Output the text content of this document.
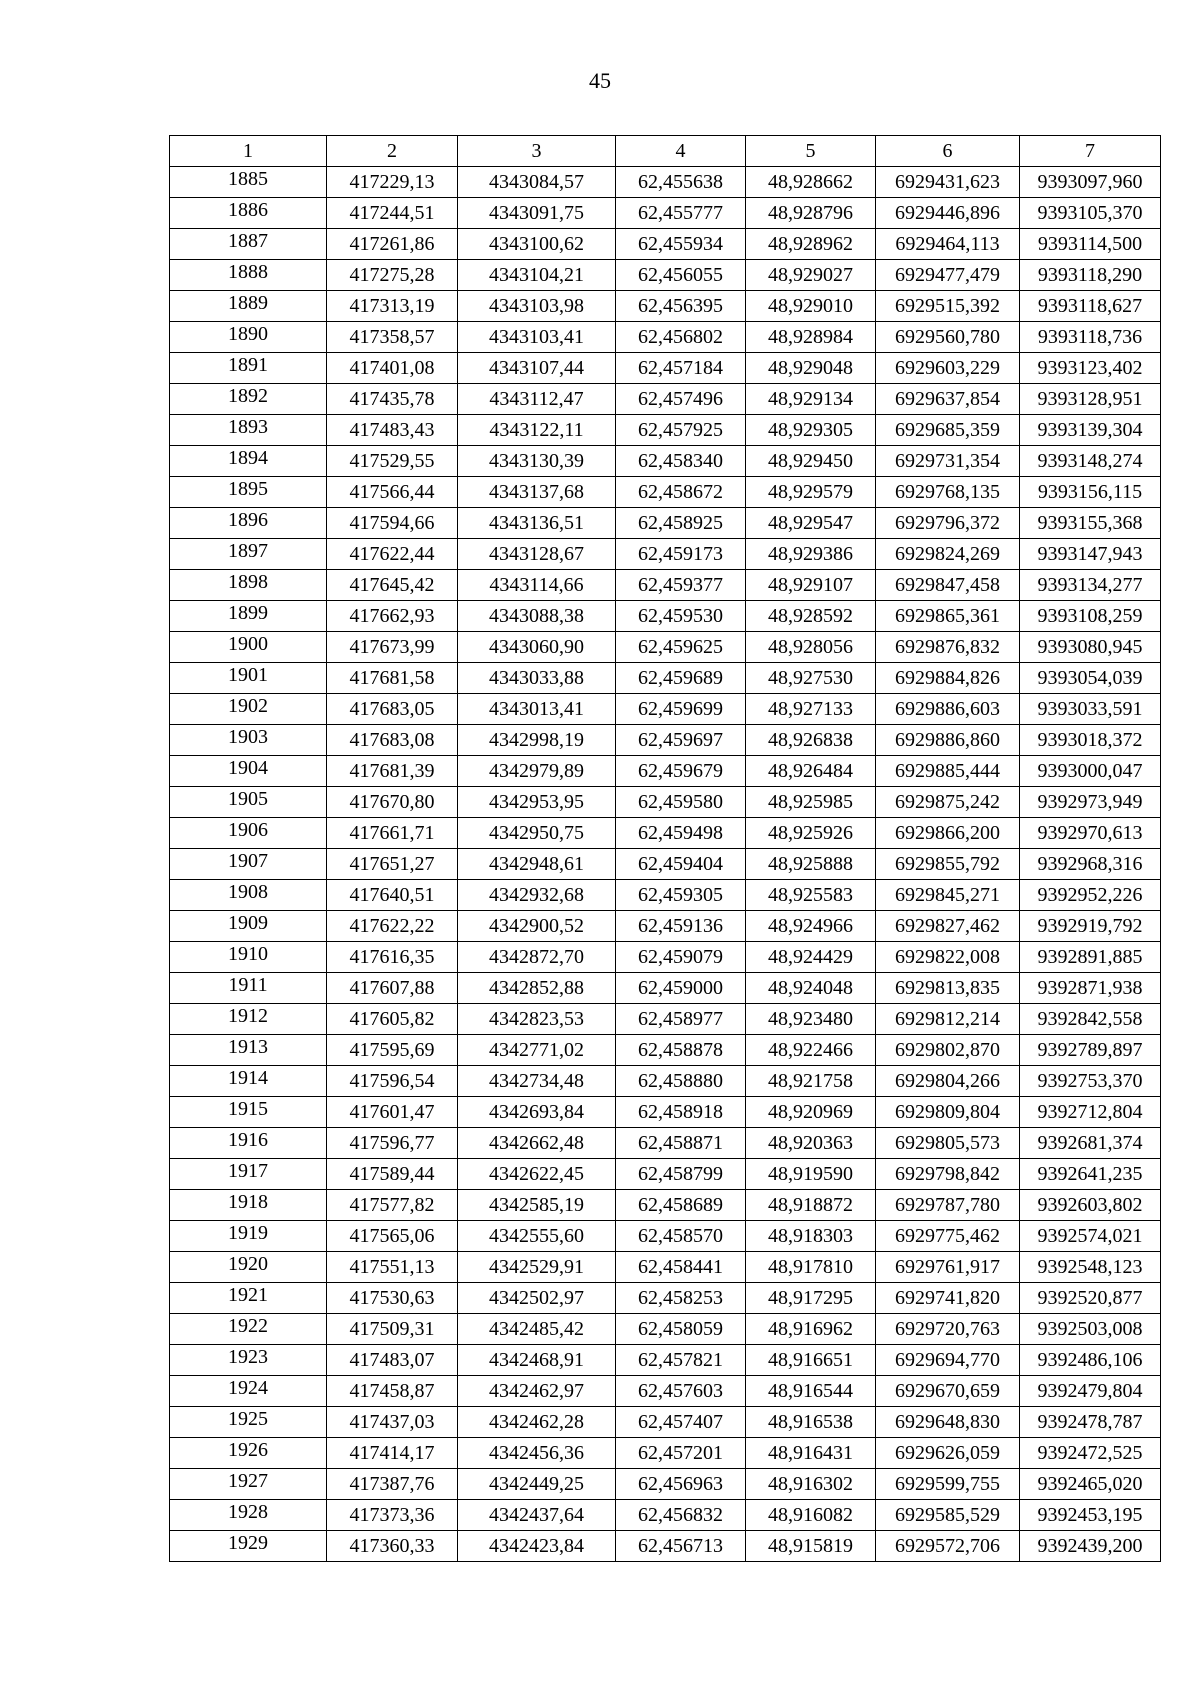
45
1	2	3	4	5	6	7
1885	417229,13	4343084,57	62,455638	48,928662	6929431,623	9393097,960
1886	417244,51	4343091,75	62,455777	48,928796	6929446,896	9393105,370
1887	417261,86	4343100,62	62,455934	48,928962	6929464,113	9393114,500
1888	417275,28	4343104,21	62,456055	48,929027	6929477,479	9393118,290
1889	417313,19	4343103,98	62,456395	48,929010	6929515,392	9393118,627
1890	417358,57	4343103,41	62,456802	48,928984	6929560,780	9393118,736
1891	417401,08	4343107,44	62,457184	48,929048	6929603,229	9393123,402
1892	417435,78	4343112,47	62,457496	48,929134	6929637,854	9393128,951
1893	417483,43	4343122,11	62,457925	48,929305	6929685,359	9393139,304
1894	417529,55	4343130,39	62,458340	48,929450	6929731,354	9393148,274
1895	417566,44	4343137,68	62,458672	48,929579	6929768,135	9393156,115
1896	417594,66	4343136,51	62,458925	48,929547	6929796,372	9393155,368
1897	417622,44	4343128,67	62,459173	48,929386	6929824,269	9393147,943
1898	417645,42	4343114,66	62,459377	48,929107	6929847,458	9393134,277
1899	417662,93	4343088,38	62,459530	48,928592	6929865,361	9393108,259
1900	417673,99	4343060,90	62,459625	48,928056	6929876,832	9393080,945
1901	417681,58	4343033,88	62,459689	48,927530	6929884,826	9393054,039
1902	417683,05	4343013,41	62,459699	48,927133	6929886,603	9393033,591
1903	417683,08	4342998,19	62,459697	48,926838	6929886,860	9393018,372
1904	417681,39	4342979,89	62,459679	48,926484	6929885,444	9393000,047
1905	417670,80	4342953,95	62,459580	48,925985	6929875,242	9392973,949
1906	417661,71	4342950,75	62,459498	48,925926	6929866,200	9392970,613
1907	417651,27	4342948,61	62,459404	48,925888	6929855,792	9392968,316
1908	417640,51	4342932,68	62,459305	48,925583	6929845,271	9392952,226
1909	417622,22	4342900,52	62,459136	48,924966	6929827,462	9392919,792
1910	417616,35	4342872,70	62,459079	48,924429	6929822,008	9392891,885
1911	417607,88	4342852,88	62,459000	48,924048	6929813,835	9392871,938
1912	417605,82	4342823,53	62,458977	48,923480	6929812,214	9392842,558
1913	417595,69	4342771,02	62,458878	48,922466	6929802,870	9392789,897
1914	417596,54	4342734,48	62,458880	48,921758	6929804,266	9392753,370
1915	417601,47	4342693,84	62,458918	48,920969	6929809,804	9392712,804
1916	417596,77	4342662,48	62,458871	48,920363	6929805,573	9392681,374
1917	417589,44	4342622,45	62,458799	48,919590	6929798,842	9392641,235
1918	417577,82	4342585,19	62,458689	48,918872	6929787,780	9392603,802
1919	417565,06	4342555,60	62,458570	48,918303	6929775,462	9392574,021
1920	417551,13	4342529,91	62,458441	48,917810	6929761,917	9392548,123
1921	417530,63	4342502,97	62,458253	48,917295	6929741,820	9392520,877
1922	417509,31	4342485,42	62,458059	48,916962	6929720,763	9392503,008
1923	417483,07	4342468,91	62,457821	48,916651	6929694,770	9392486,106
1924	417458,87	4342462,97	62,457603	48,916544	6929670,659	9392479,804
1925	417437,03	4342462,28	62,457407	48,916538	6929648,830	9392478,787
1926	417414,17	4342456,36	62,457201	48,916431	6929626,059	9392472,525
1927	417387,76	4342449,25	62,456963	48,916302	6929599,755	9392465,020
1928	417373,36	4342437,64	62,456832	48,916082	6929585,529	9392453,195
1929	417360,33	4342423,84	62,456713	48,915819	6929572,706	9392439,200
